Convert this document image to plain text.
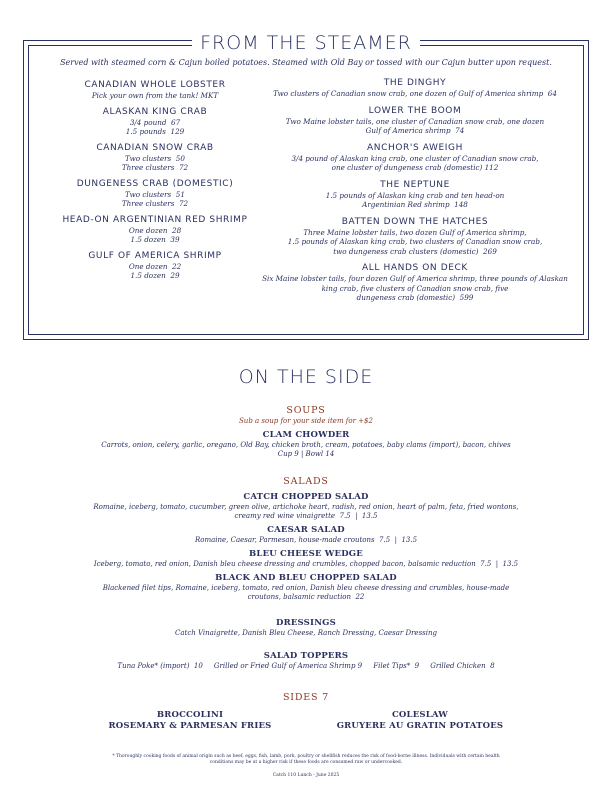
FROM THE STEAMER
Served with steamed corn & Cajun boiled potatoes. Steamed with Old Bay or tossed with our Cajun butter upon request.
CANADIAN WHOLE LOBSTER
Pick your own from the tank! MKT
ALASKAN KING CRAB
3/4 pound  67
1.5 pounds  129
CANADIAN SNOW CRAB
Two clusters  50
Three clusters  72
DUNGENESS CRAB (DOMESTIC)
Two clusters  51
Three clusters  72
HEAD-ON ARGENTINIAN RED SHRIMP
One dozen  28
1.5 dozen  39
GULF OF AMERICA SHRIMP
One dozen  22
1.5 dozen  29
THE DINGHY
Two clusters of Canadian snow crab, one dozen of Gulf of America shrimp  64
LOWER THE BOOM
Two Maine lobster tails, one cluster of Canadian snow crab, one dozen
Gulf of America shrimp  74
ANCHOR'S AWEIGH
3/4 pound of Alaskan king crab, one cluster of Canadian snow crab,
one cluster of dungeness crab (domestic) 112
THE NEPTUNE
1.5 pounds of Alaskan king crab and ten head-on
Argentinian Red shrimp  148
BATTEN DOWN THE HATCHES
Three Maine lobster tails, two dozen Gulf of America shrimp,
1.5 pounds of Alaskan king crab, two clusters of Canadian snow crab,
two dungeness crab clusters (domestic)  269
ALL HANDS ON DECK
Six Maine lobster tails, four dozen Gulf of America shrimp, three pounds of Alaskan
king crab, five clusters of Canadian snow crab, five
dungeness crab (domestic)  599
ON THE SIDE
SOUPS
Sub a soup for your side item for +$2
CLAM CHOWDER
Carrots, onion, celery, garlic, oregano, Old Bay, chicken broth, cream, potatoes, baby clams (import), bacon, chives
Cup 9 | Bowl 14
SALADS
CATCH CHOPPED SALAD
Romaine, iceberg, tomato, cucumber, green olive, artichoke heart, radish, red onion, heart of palm, feta, fried wontons,
creamy red wine vinaigrette  7.5  |  13.5
CAESAR SALAD
Romaine, Caesar, Parmesan, house-made croutons  7.5  |  13.5
BLEU CHEESE WEDGE
Iceberg, tomato, red onion, Danish bleu cheese dressing and crumbles, chopped bacon, balsamic reduction  7.5  |  13.5
BLACK AND BLEU CHOPPED SALAD
Blackened filet tips, Romaine, iceberg, tomato, red onion, Danish bleu cheese dressing and crumbles, house-made
croutons, balsamic reduction  22
DRESSINGS
Catch Vinaigrette, Danish Bleu Cheese, Ranch Dressing, Caesar Dressing
SALAD TOPPERS
Tuna Poke* (import)  10     Grilled or Fried Gulf of America Shrimp 9     Filet Tips*  9     Grilled Chicken  8
SIDES 7
BROCCOLINI
ROSEMARY & PARMESAN FRIES
COLESLAW
GRUYERE AU GRATIN POTATOES
* Thoroughly cooking foods of animal origin such as beef, eggs, fish, lamb, pork, poultry or shellfish reduces the risk of food-borne illness. Individuals with certain health conditions may be at a higher risk if these foods are consumed raw or undercooked.
Catch 110 Lunch - June 2025
